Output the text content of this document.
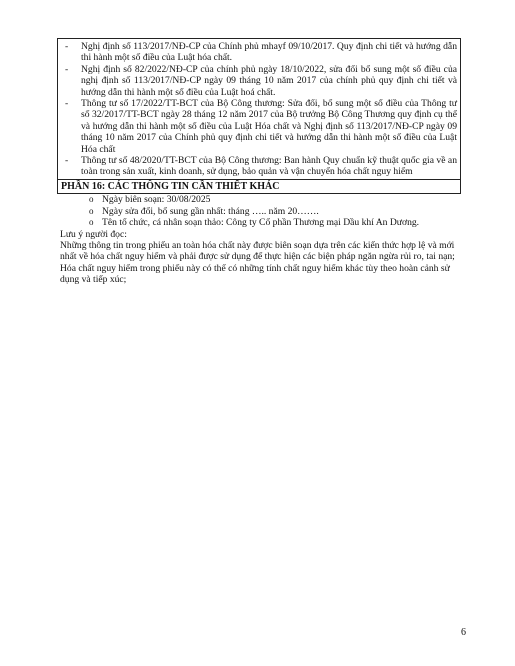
- Nghị định số 113/2017/NĐ-CP của Chính phủ mhayf 09/10/2017. Quy định chi tiết và hướng dẫn thi hành một số điều của Luật hóa chất.
- Nghị định số 82/2022/NĐ-CP của chính phủ ngày 18/10/2022, sửa đổi bổ sung một số điều của nghị định số 113/2017/NĐ-CP ngày 09 tháng 10 năm 2017 của chính phủ quy định chi tiết và hướng dẫn thi hành một số điều của Luật hoá chất.
- Thông tư số 17/2022/TT-BCT của Bộ Công thương: Sửa đổi, bổ sung một số điều của Thông tư số 32/2017/TT-BCT ngày 28 tháng 12 năm 2017 của Bộ trưởng Bộ Công Thương quy định cụ thể và hướng dẫn thi hành một số điều của Luật Hóa chất và Nghị định số 113/2017/NĐ-CP ngày 09 tháng 10 năm 2017 của Chính phủ quy định chi tiết và hướng dẫn thi hành một số điều của Luật Hóa chất
- Thông tư số 48/2020/TT-BCT của Bộ Công thương: Ban hành Quy chuẩn kỹ thuật quốc gia về an toàn trong sản xuất, kinh doanh, sử dụng, bảo quản và vận chuyển hóa chất nguy hiểm
PHẦN 16: CÁC THÔNG TIN CẦN THIẾT KHÁC
o Ngày biên soạn: 30/08/2025
o Ngày sửa đổi, bổ sung gần nhất: tháng ….. năm 20…….
o Tên tổ chức, cá nhân soạn thảo: Công ty Cổ phần Thương mại Dầu khí An Dương.

Lưu ý người đọc:

Những thông tin trong phiếu an toàn hóa chất này được biên soạn dựa trên các kiến thức hợp lệ và mới nhất về hóa chất nguy hiểm và phải được sử dụng để thực hiện các biện pháp ngăn ngừa rủi ro, tai nạn;

Hóa chất nguy hiểm trong phiếu này có thể có những tính chất nguy hiểm khác tùy theo hoàn cảnh sử dụng và tiếp xúc;

6
